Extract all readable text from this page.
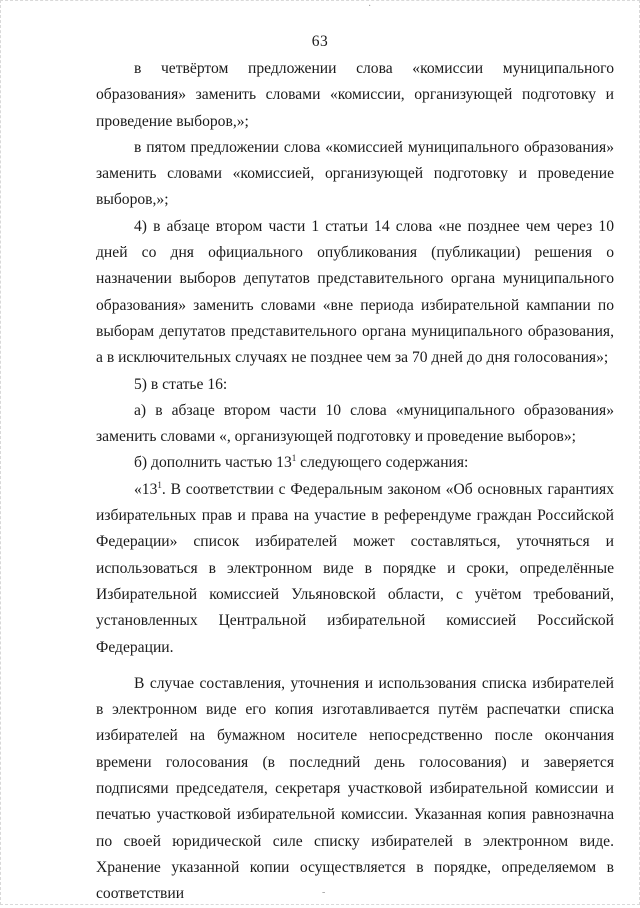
·
-
63

в четвёртом предложении слова «комиссии муниципального образования» заменить словами «комиссии, организующей подготовку и проведение выборов,»;

в пятом предложении слова «комиссией муниципального образования» заменить словами «комиссией, организующей подготовку и проведение выборов,»;

4) в абзаце втором части 1 статьи 14 слова «не позднее чем через 10 дней со дня официального опубликования (публикации) решения о назначении выборов депутатов представительного органа муниципального образования» заменить словами «вне периода избирательной кампании по выборам депутатов представительного органа муниципального образования, а в исключительных случаях не позднее чем за 70 дней до дня голосования»;

5) в статье 16:

а) в абзаце втором части 10 слова «муниципального образования» заменить словами «, организующей подготовку и проведение выборов»;

б) дополнить частью $13^1$ следующего содержания:

«$13^1$. В соответствии с Федеральным законом «Об основных гарантиях избирательных прав и права на участие в референдуме граждан Российской Федерации» список избирателей может составляться, уточняться и использоваться в электронном виде в порядке и сроки, определённые Избирательной комиссией Ульяновской области, с учётом требований, установленных Центральной избирательной комиссией Российской Федерации.

В случае составления, уточнения и использования списка избирателей в электронном виде его копия изготавливается путём распечатки списка избирателей на бумажном носителе непосредственно после окончания времени голосования (в последний день голосования) и заверяется подписями председателя, секретаря участковой избирательной комиссии и печатью участковой избирательной комиссии. Указанная копия равнозначна по своей юридической силе списку избирателей в электронном виде. Хранение указанной копии осуществляется в порядке, определяемом в соответствии
